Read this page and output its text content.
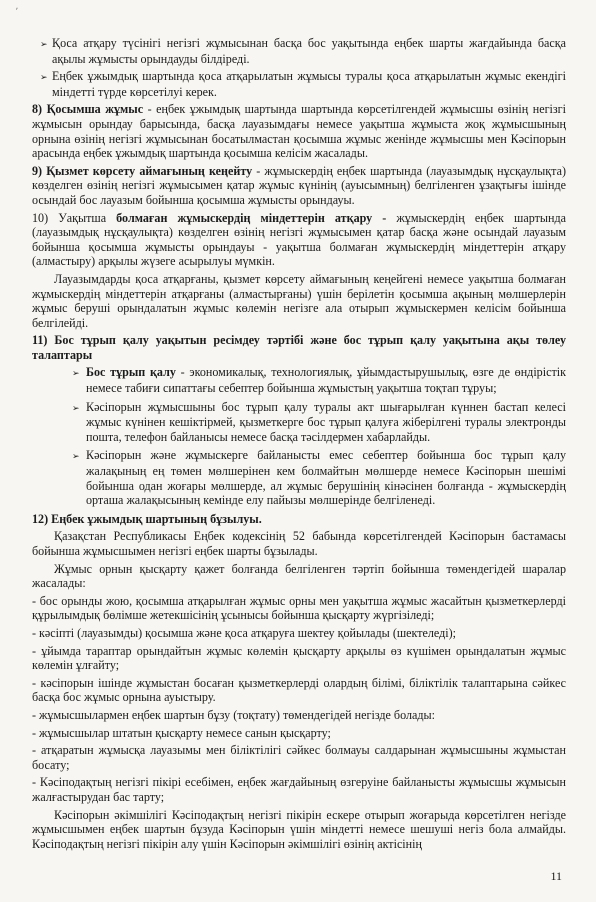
ʹ

➢ Қоса атқару түсінігі негізгі жұмысынан басқа бос уақытында еңбек шарты жағдайында басқа ақылы жұмысты орындауды білдіреді.

➢ Еңбек ұжымдық шартында қоса атқарылатын жұмысы туралы қоса атқарылатын жұмыс екендігі міндетті түрде көрсетілуі керек.

8) Қосымша жұмыс - еңбек ұжымдық шартында шартында көрсетілгендей жұмысшы өзінің негізгі жұмысын орындау барысында, басқа лауазымдағы немесе уақытша жұмыста жоқ жұмысшының орнына өзінің негізгі жұмысынан босатылмастан қосымша жұмыс женінде жұмысшы мен Кәсіпорын арасында еңбек ұжымдық шартында қосымша келісім жасалады.

9) Қызмет көрсету аймағының кеңейту - жұмыскердің еңбек шартында (лауазымдық нұсқаулықта) көзделген өзінің негізгі жұмысымен қатар жұмыс күнінің (ауысымның) белгіленген ұзақтығы ішінде осындай бос лауазым бойынша қосымша жұмысты орындауы.

10) Уақытша болмаған жұмыскердің міндеттерін атқару - жұмыскердің еңбек шартында (лауазымдық нұсқаулықта) көзделген өзінің негізгі жұмысымен қатар басқа және осындай лауазым бойынша қосымша жұмысты орындауы - уақытша болмаған жұмыскердің міндеттерін атқару (алмастыру) арқылы жүзеге асырылуы мүмкін.

Лауазымдарды қоса атқарғаны, қызмет көрсету аймағының кеңейгені немесе уақытша болмаған жұмыскердің міндеттерін атқарғаны (алмастырғаны) үшін берілетін қосымша ақының мөлшерлерін жұмыс беруші орындалатын жұмыс көлемін негізге ала отырып жұмыскермен келісім бойынша белгілейді.

11) Бос тұрып қалу уақытын ресімдеу тәртібі және бос тұрып қалу уақытына ақы төлеу талаптары

➢ Бос тұрып қалу - экономикалық, технологиялық, ұйымдастырушылық, өзге де өндірістік немесе табиғи сипаттағы себептер бойынша жұмыстың уақытша тоқтап тұруы;

➢ Кәсіпорын жұмысшыны бос тұрып қалу туралы акт шығарылған күннен бастап келесі жұмыс күнінен кешіктірмей, қызметкерге бос тұрып қалуға жіберілгені туралы электронды пошта, телефон байланысы немесе басқа тәсілдермен хабарлайды.

➢ Кәсіпорын және жұмыскерге байланысты емес себептер бойынша бос тұрып қалу жалақының ең төмен мөлшерінен кем болмайтын мөлшерде немесе Кәсіпорын шешімі бойынша одан жоғары мөлшерде, ал жұмыс берушінің кінәсінен болғанда - жұмыскердің орташа жалақысының кемінде елу пайызы мөлшерінде белгіленеді.

12) Еңбек ұжымдық шартының бұзылуы.

Қазақстан Республикасы Еңбек кодексінің 52 бабында көрсетілгендей Кәсіпорын бастамасы бойынша жұмысшымен негізгі еңбек шарты бұзылады.

Жұмыс орнын қысқарту қажет болғанда белгіленген тәртіп бойынша төмендегідей шаралар жасалады:

- бос орынды жою, қосымша атқарылған жұмыс орны мен уақытша жұмыс жасайтын қызметкерлерді құрылымдық бөлімше жетекшісінің ұсынысы бойынша қысқарту жүргізіледі;

- кәсіпті (лауазымды) қосымша және қоса атқаруға шектеу қойылады (шектеледі);

- ұйымда тараптар орындайтын жұмыс көлемін қысқарту арқылы өз күшімен орындалатын жұмыс көлемін ұлғайту;

- кәсіпорын ішінде жұмыстан босаған қызметкерлерді олардың білімі, біліктілік талаптарына сәйкес басқа бос жұмыс орнына ауыстыру.

- жұмысшылармен еңбек шартын бұзу (тоқтату) төмендегідей негізде болады:

- жұмысшылар штатын қысқарту немесе санын қысқарту;

- атқаратын жұмысқа лауазымы мен біліктілігі сәйкес болмауы салдарынан жұмысшыны жұмыстан босату;

- Кәсіподақтың негізгі пікірі есебімен, еңбек жағдайының өзгеруіне байланысты жұмысшы жұмысын жалғастырудан бас тарту;

Кәсіпорын әкімшілігі Кәсіподақтың негізгі пікірін ескере отырып жоғарыда көрсетілген негізде жұмысшымен еңбек шартын бұзуда Кәсіпорын үшін міндетті немесе шешуші негіз бола алмайды. Кәсіподақтың негізгі пікірін алу үшін Кәсіпорын әкімшілігі өзінің актісінің

11
